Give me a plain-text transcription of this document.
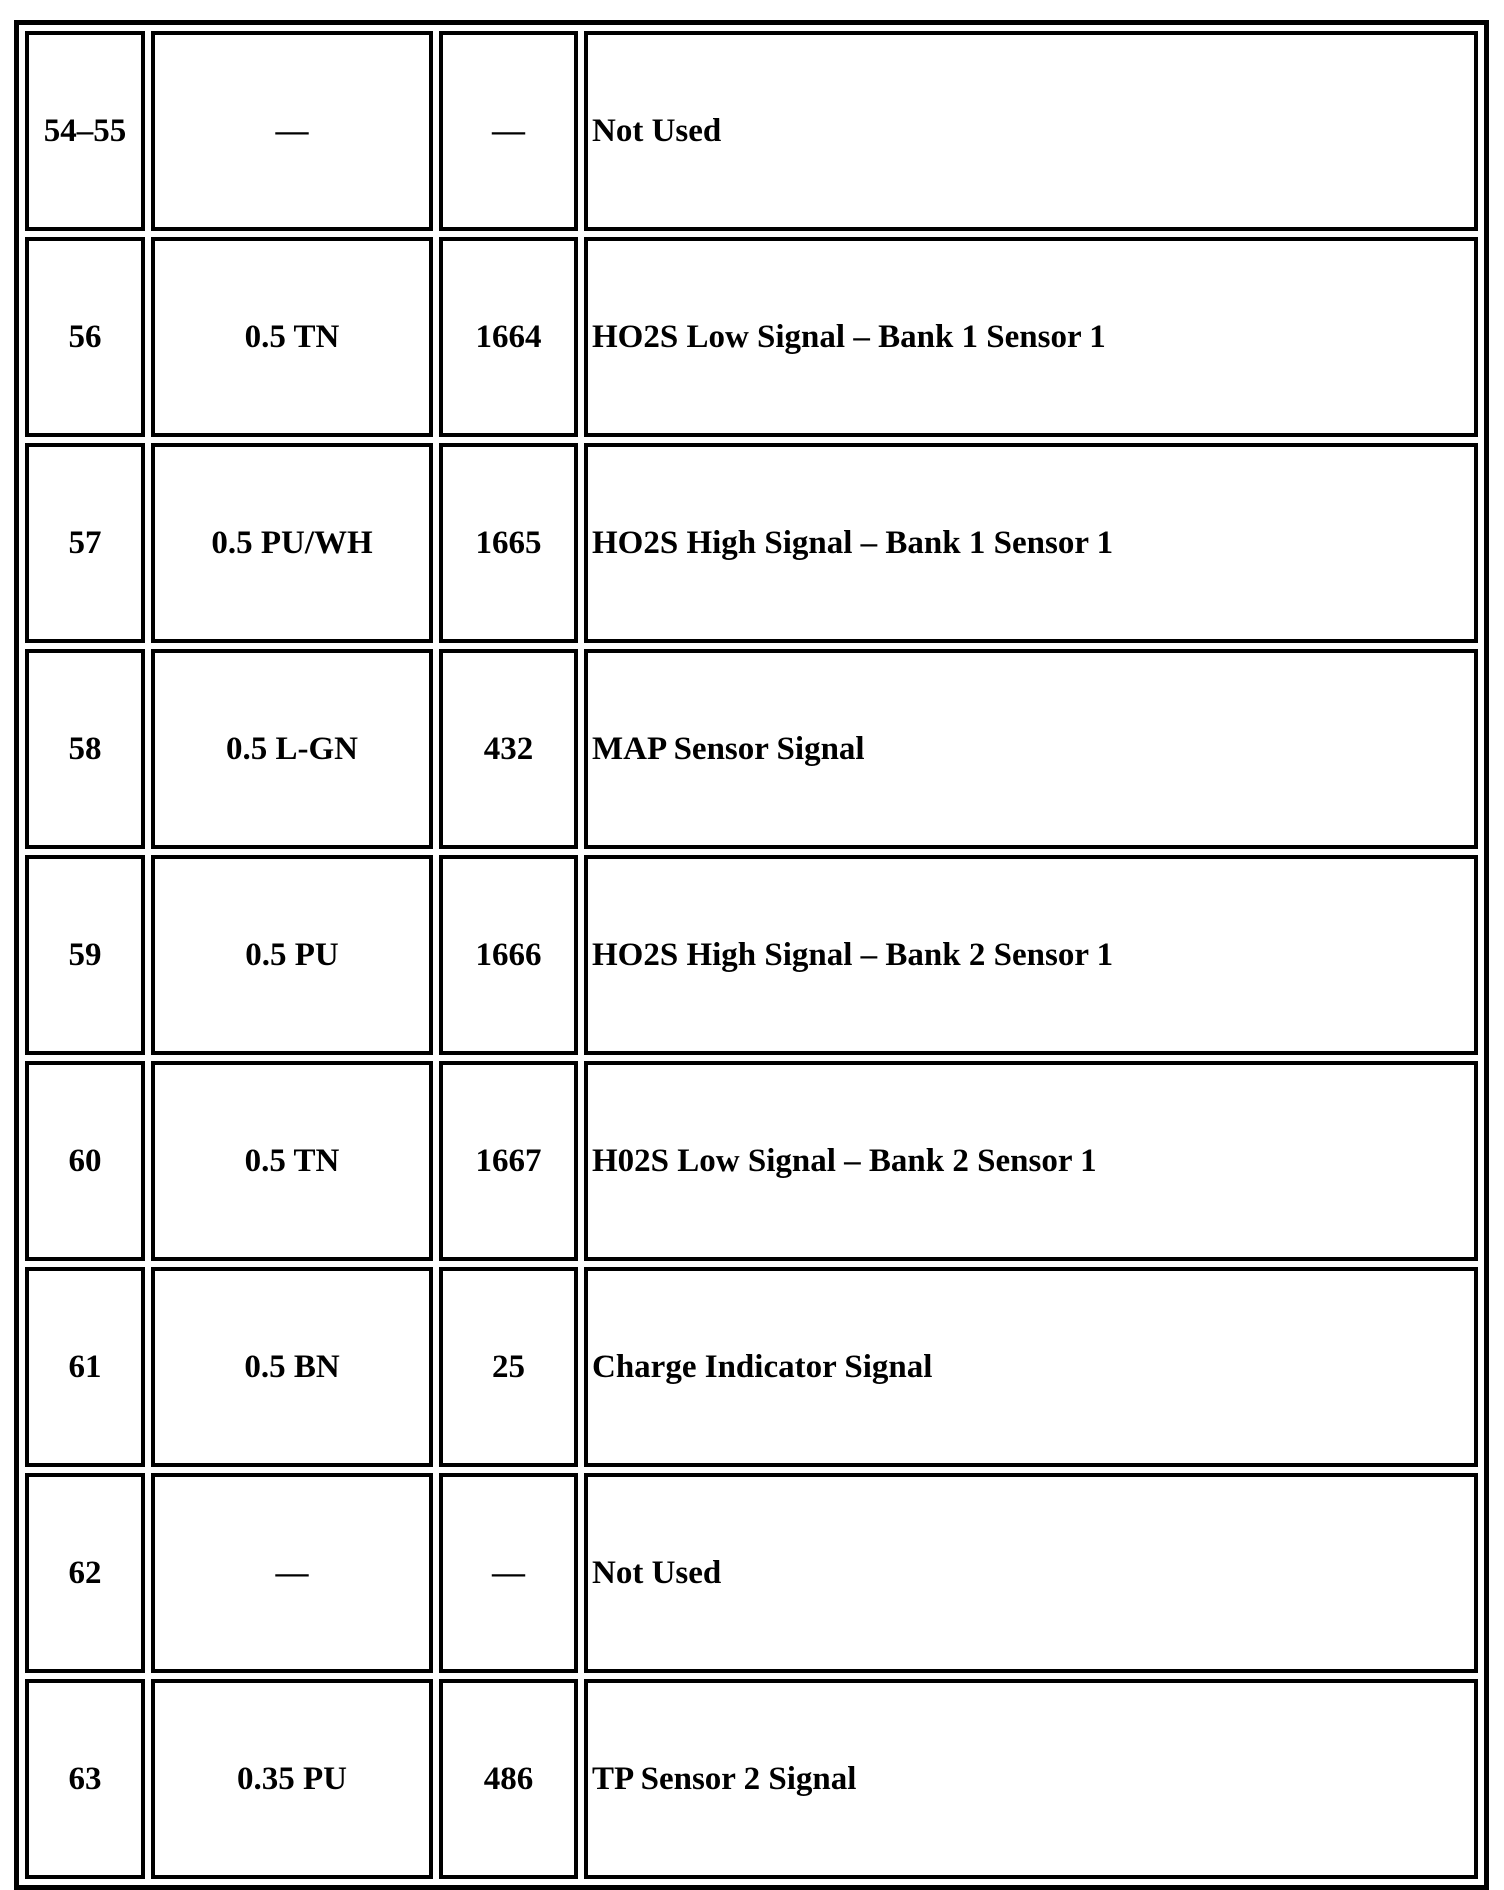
54–55	—	—	Not Used
56	0.5 TN	1664	HO2S Low Signal – Bank 1 Sensor 1
57	0.5 PU/WH	1665	HO2S High Signal – Bank 1 Sensor 1
58	0.5 L-GN	432	MAP Sensor Signal
59	0.5 PU	1666	HO2S High Signal – Bank 2 Sensor 1
60	0.5 TN	1667	H02S Low Signal – Bank 2 Sensor 1
61	0.5 BN	25	Charge Indicator Signal
62	—	—	Not Used
63	0.35 PU	486	TP Sensor 2 Signal
